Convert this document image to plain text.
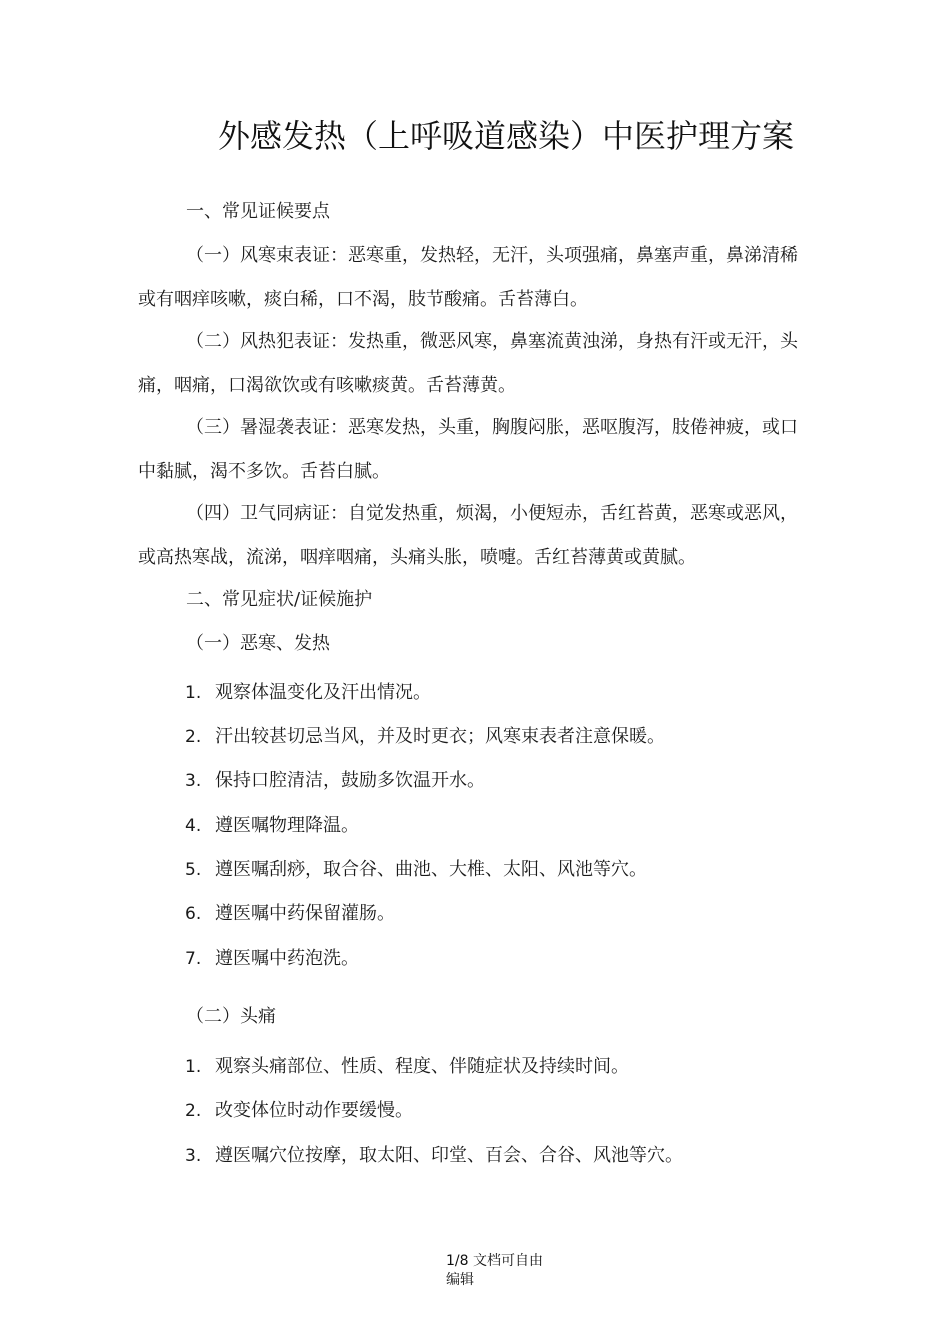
外感发热（上呼吸道感染）中医护理方案

一、常见证候要点

（一）风寒束表证：恶寒重，发热轻，无汗，头项强痛，鼻塞声重，鼻涕清稀

或有咽痒咳嗽，痰白稀，口不渴，肢节酸痛。舌苔薄白。

（二）风热犯表证：发热重，微恶风寒，鼻塞流黄浊涕，身热有汗或无汗，头

痛，咽痛，口渴欲饮或有咳嗽痰黄。舌苔薄黄。

（三）暑湿袭表证：恶寒发热，头重，胸腹闷胀，恶呕腹泻，肢倦神疲，或口

中黏腻，渴不多饮。舌苔白腻。

（四）卫气同病证：自觉发热重，烦渴，小便短赤，舌红苔黄，恶寒或恶风，

或高热寒战，流涕，咽痒咽痛，头痛头胀，喷嚏。舌红苔薄黄或黄腻。

二、常见症状/证候施护

（一）恶寒、发热

1. 观察体温变化及汗出情况。
2. 汗出较甚切忌当风，并及时更衣；风寒束表者注意保暖。
3. 保持口腔清洁，鼓励多饮温开水。
4. 遵医嘱物理降温。
5. 遵医嘱刮痧，取合谷、曲池、大椎、太阳、风池等穴。
6. 遵医嘱中药保留灌肠。
7. 遵医嘱中药泡洗。

（二）头痛

1. 观察头痛部位、性质、程度、伴随症状及持续时间。
2. 改变体位时动作要缓慢。
3. 遵医嘱穴位按摩，取太阳、印堂、百会、合谷、风池等穴。
1/8 文档可自由
编辑
